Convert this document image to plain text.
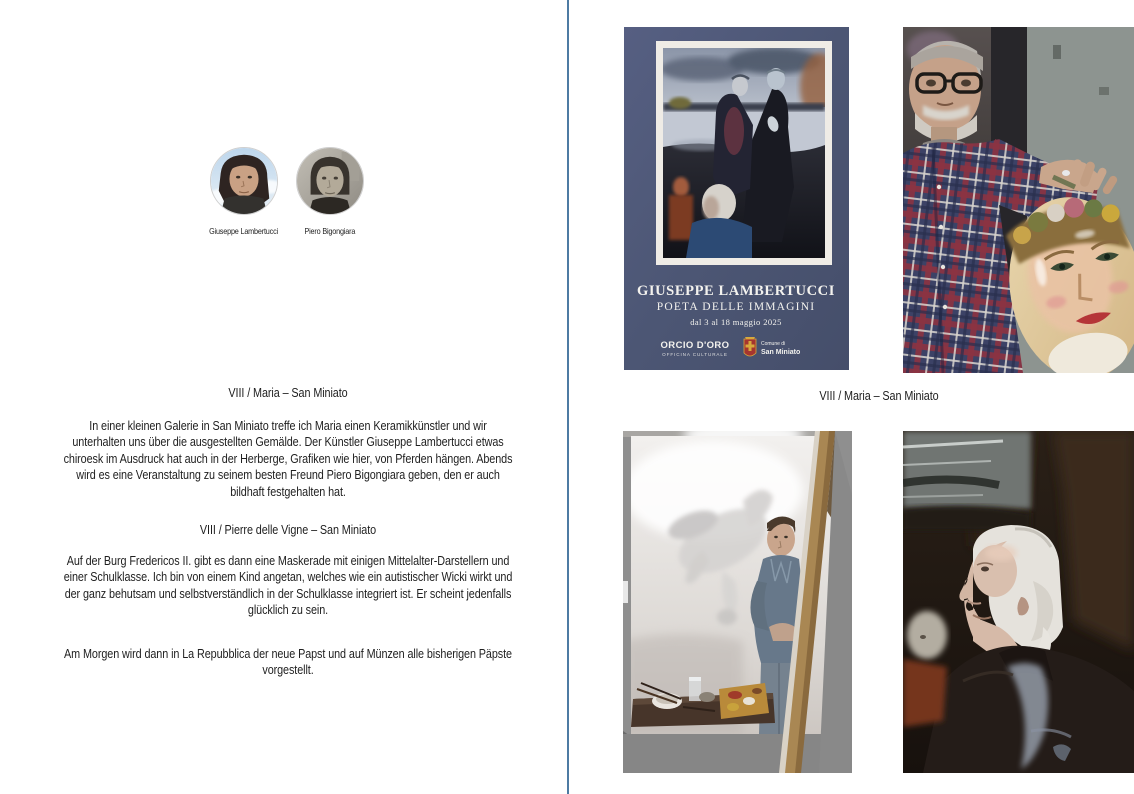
Giuseppe Lambertucci	Piero Bigongiara
VIII / Maria – San Miniato

In einer kleinen Galerie in San Miniato treffe ich Maria einen Keramikkünstler und wir unterhalten uns über die ausgestellten Gemälde. Der Künstler Giuseppe Lambertucci etwas chiroesk im Ausdruck hat auch in der Herberge, Grafiken wie hier, von Pferden hängen. Abends wird es eine Veranstaltung zu seinem besten Freund Piero Bigongiara geben, den er auch bildhaft festgehalten hat.

VIII / Pierre delle Vigne – San Miniato

Auf der Burg Fredericos II. gibt es dann eine Maskerade mit einigen Mittelalter-Darstellern und einer Schulklasse. Ich bin von einem Kind angetan, welches wie ein autistischer Wicki wirkt und der ganz behutsam und selbstverständlich in der Schulklasse integriert ist. Er scheint jedenfalls glücklich zu sein.

Am Morgen wird dann in La Repubblica der neue Papst und auf Münzen alle bisherigen Päpste vorgestellt.

GIUSEPPE LAMBERTUCCI
POETA DELLE IMMAGINI
dal 3 al 18 maggio 2025
ORCIO D'ORO
OFFICINA CULTURALE
Comune di
San Miniato
VIII / Maria – San Miniato
